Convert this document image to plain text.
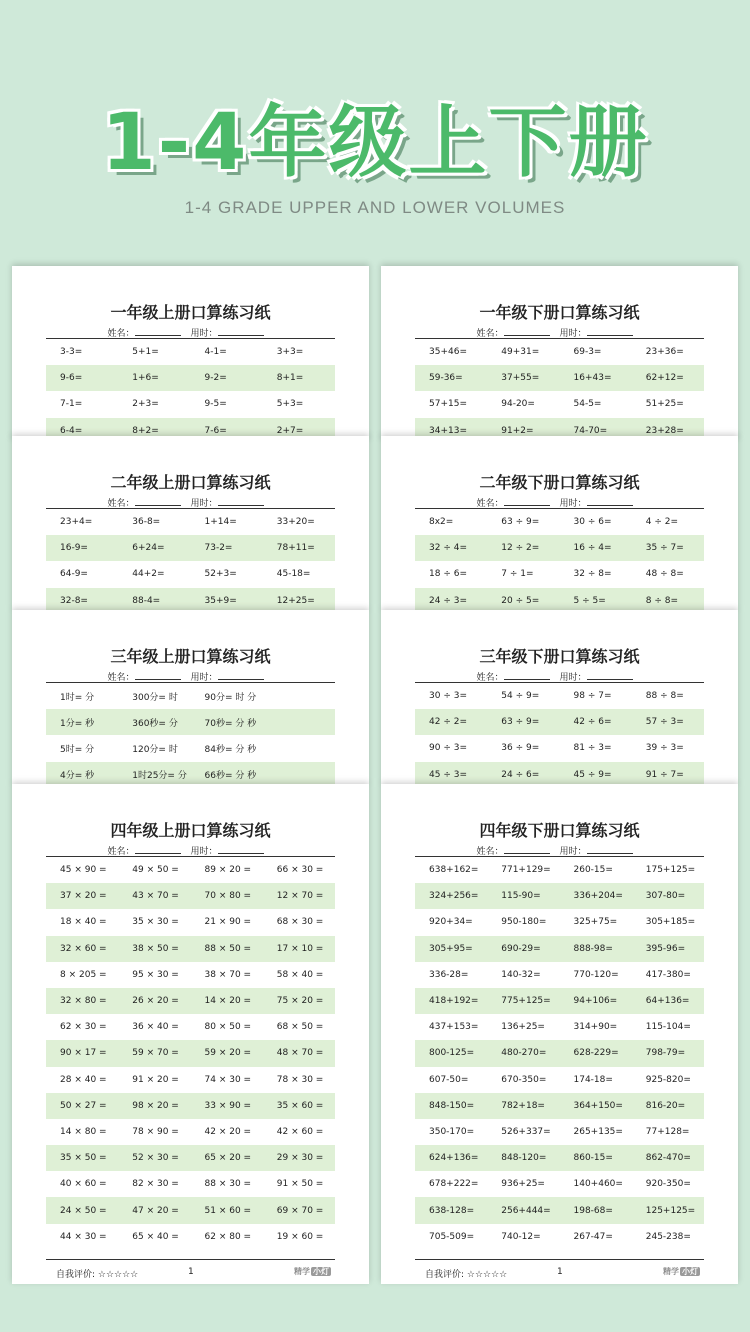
1-4年级上下册
1-4 GRADE UPPER AND LOWER VOLUMES
一年级上册口算练习纸
姓名：	用时：
3-3=	5+1=	4-1=	3+3=
9-6=	1+6=	9-2=	8+1=
7-1=	2+3=	9-5=	5+3=
6-4=	8+2=	7-6=	2+7=
一年级下册口算练习纸
姓名：	用时：
35+46=	49+31=	69-3=	23+36=
59-36=	37+55=	16+43=	62+12=
57+15=	94-20=	54-5=	51+25=
34+13=	91+2=	74-70=	23+28=
二年级上册口算练习纸
姓名：	用时：
23+4=	36-8=	1+14=	33+20=
16-9=	6+24=	73-2=	78+11=
64-9=	44+2=	52+3=	45-18=
32-8=	88-4=	35+9=	12+25=
二年级下册口算练习纸
姓名：	用时：
8x2=	63 ÷ 9=	30 ÷ 6=	4 ÷ 2=
32 ÷ 4=	12 ÷ 2=	16 ÷ 4=	35 ÷ 7=
18 ÷ 6=	7 ÷ 1=	32 ÷ 8=	48 ÷ 8=
24 ÷ 3=	20 ÷ 5=	5 ÷ 5=	8 ÷ 8=
三年级上册口算练习纸
姓名：	用时：
1时= 分	300分= 时	90分= 时 分
1分= 秒	360秒= 分	70秒= 分 秒
5时= 分	120分= 时	84秒= 分 秒
4分= 秒	1时25分= 分	66秒= 分 秒
三年级下册口算练习纸
姓名：	用时：
30 ÷ 3=	54 ÷ 9=	98 ÷ 7=	88 ÷ 8=
42 ÷ 2=	63 ÷ 9=	42 ÷ 6=	57 ÷ 3=
90 ÷ 3=	36 ÷ 9=	81 ÷ 3=	39 ÷ 3=
45 ÷ 3=	24 ÷ 6=	45 ÷ 9=	91 ÷ 7=
四年级上册口算练习纸
姓名：	用时：
45 × 90 =	49 × 50 =	89 × 20 =	66 × 30 =
37 × 20 =	43 × 70 =	70 × 80 =	12 × 70 =
18 × 40 =	35 × 30 =	21 × 90 =	68 × 30 =
32 × 60 =	38 × 50 =	88 × 50 =	17 × 10 =
8 × 205 =	95 × 30 =	38 × 70 =	58 × 40 =
32 × 80 =	26 × 20 =	14 × 20 =	75 × 20 =
62 × 30 =	36 × 40 =	80 × 50 =	68 × 50 =
90 × 17 =	59 × 70 =	59 × 20 =	48 × 70 =
28 × 40 =	91 × 20 =	74 × 30 =	78 × 30 =
50 × 27 =	98 × 20 =	33 × 90 =	35 × 60 =
14 × 80 =	78 × 90 =	42 × 20 =	42 × 60 =
35 × 50 =	52 × 30 =	65 × 20 =	29 × 30 =
40 × 60 =	82 × 30 =	88 × 30 =	91 × 50 =
24 × 50 =	47 × 20 =	51 × 60 =	69 × 70 =
44 × 30 =	65 × 40 =	62 × 80 =	19 × 60 =
自我评价: ☆☆☆☆☆	1	精学 小灯
四年级下册口算练习纸
姓名：	用时：
638+162=	771+129=	260-15=	175+125=
324+256=	115-90=	336+204=	307-80=
920+34=	950-180=	325+75=	305+185=
305+95=	690-29=	888-98=	395-96=
336-28=	140-32=	770-120=	417-380=
418+192=	775+125=	94+106=	64+136=
437+153=	136+25=	314+90=	115-104=
800-125=	480-270=	628-229=	798-79=
607-50=	670-350=	174-18=	925-820=
848-150=	782+18=	364+150=	816-20=
350-170=	526+337=	265+135=	77+128=
624+136=	848-120=	860-15=	862-470=
678+222=	936+25=	140+460=	920-350=
638-128=	256+444=	198-68=	125+125=
705-509=	740-12=	267-47=	245-238=
自我评价: ☆☆☆☆☆	1	精学 小灯
